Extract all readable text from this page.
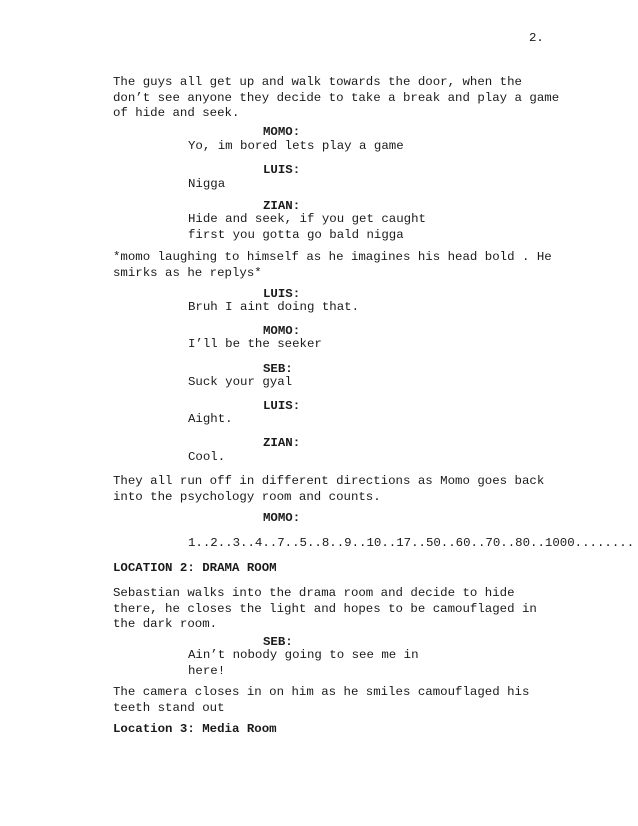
2.
The guys all get up and walk towards the door, when the
don’t see anyone they decide to take a break and play a game
of hide and seek.
MOMO:
Yo, im bored lets play a game
LUIS:
Nigga
ZIAN:
Hide and seek, if you get caught
first you gotta go bald nigga
*momo laughing to himself as he imagines his head bold . He
smirks as he replys*
LUIS:
Bruh I aint doing that.
MOMO:
I’ll be the seeker
SEB:
Suck your gyal
LUIS:
Aight.
ZIAN:
Cool.
They all run off in different directions as Momo goes back
into the psychology room and counts.
MOMO:
1..2..3..4..7..5..8..9..10..17..50..60..70..80..1000........
LOCATION 2: DRAMA ROOM
Sebastian walks into the drama room and decide to hide
there, he closes the light and hopes to be camouflaged in
the dark room.
SEB:
Ain’t nobody going to see me in
here!
The camera closes in on him as he smiles camouflaged his
teeth stand out
Location 3: Media Room
